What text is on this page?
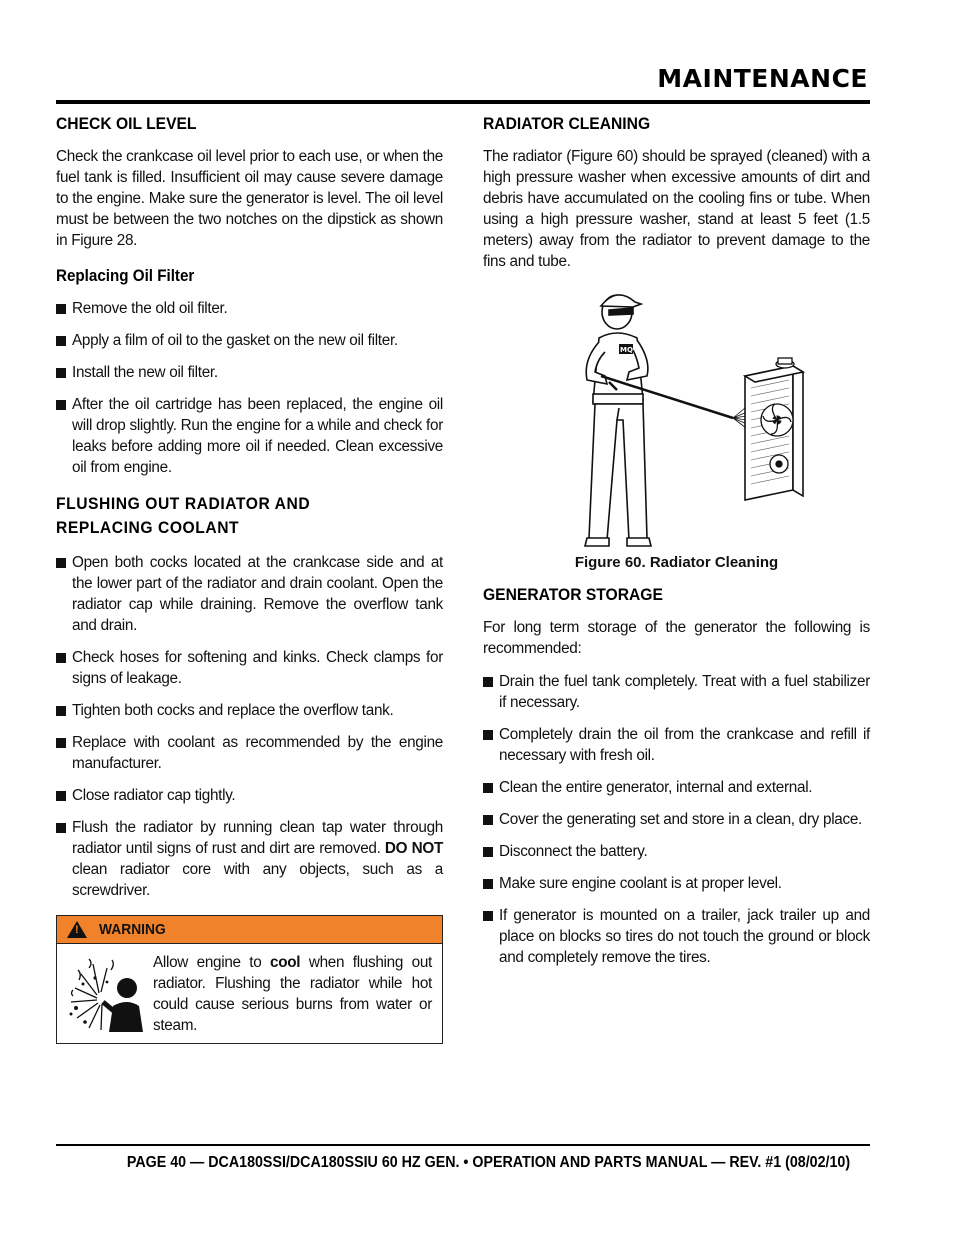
MAINTENANCE
CHECK OIL LEVEL

Check the crankcase oil level prior to each use, or when the fuel tank is filled. Insufficient oil may cause severe damage to the engine. Make sure the generator is level. The oil level must be between the two notches on the dipstick as shown in Figure 28.

Replacing Oil Filter
Remove the old oil filter.
Apply a film of oil to the gasket on the new oil filter.
Install the new oil filter.
After the oil cartridge has been replaced, the engine oil will drop slightly. Run the engine for a while and check for leaks before adding more oil if needed. Clean excessive oil from engine.
FLUSHING OUT RADIATOR AND REPLACING COOLANT
Open both cocks located at the crankcase side and at the lower part of the radiator and drain coolant. Open the radiator cap while draining. Remove the overflow tank and drain.
Check hoses for softening and kinks. Check clamps for signs of leakage.
Tighten both cocks and replace the overflow tank.
Replace with coolant as recommended by the engine manufacturer.
Close radiator cap tightly.
Flush the radiator by running clean tap water through radiator until signs of rust and dirt are removed. DO NOT clean radiator core with any objects, such as a screwdriver.
! WARNING
Allow engine to cool when flushing out radiator. Flushing the radiator while hot could cause serious burns from water or steam.
RADIATOR CLEANING

The radiator (Figure 60) should be sprayed (cleaned) with a high pressure washer when excessive amounts of dirt and debris have accumulated on the cooling fins or tube. When using a high pressure washer, stand at least 5 feet (1.5 meters) away from the radiator to prevent damage to the fins and tube.

MQ
Figure 60. Radiator Cleaning
GENERATOR STORAGE

For long term storage of the generator the following is recommended:

Drain the fuel tank completely. Treat with a fuel stabilizer if necessary.
Completely drain the oil from the crankcase and refill if necessary with fresh oil.
Clean the entire generator, internal and external.
Cover the generating set and store in a clean, dry place.
Disconnect the battery.
Make sure engine coolant is at proper level.
If generator is mounted on a trailer, jack trailer up and place on blocks so tires do not touch the ground or block and completely remove the tires.
PAGE 40 — DCA180SSI/DCA180SSIU 60 HZ GEN. • OPERATION AND PARTS MANUAL — REV. #1 (08/02/10)
